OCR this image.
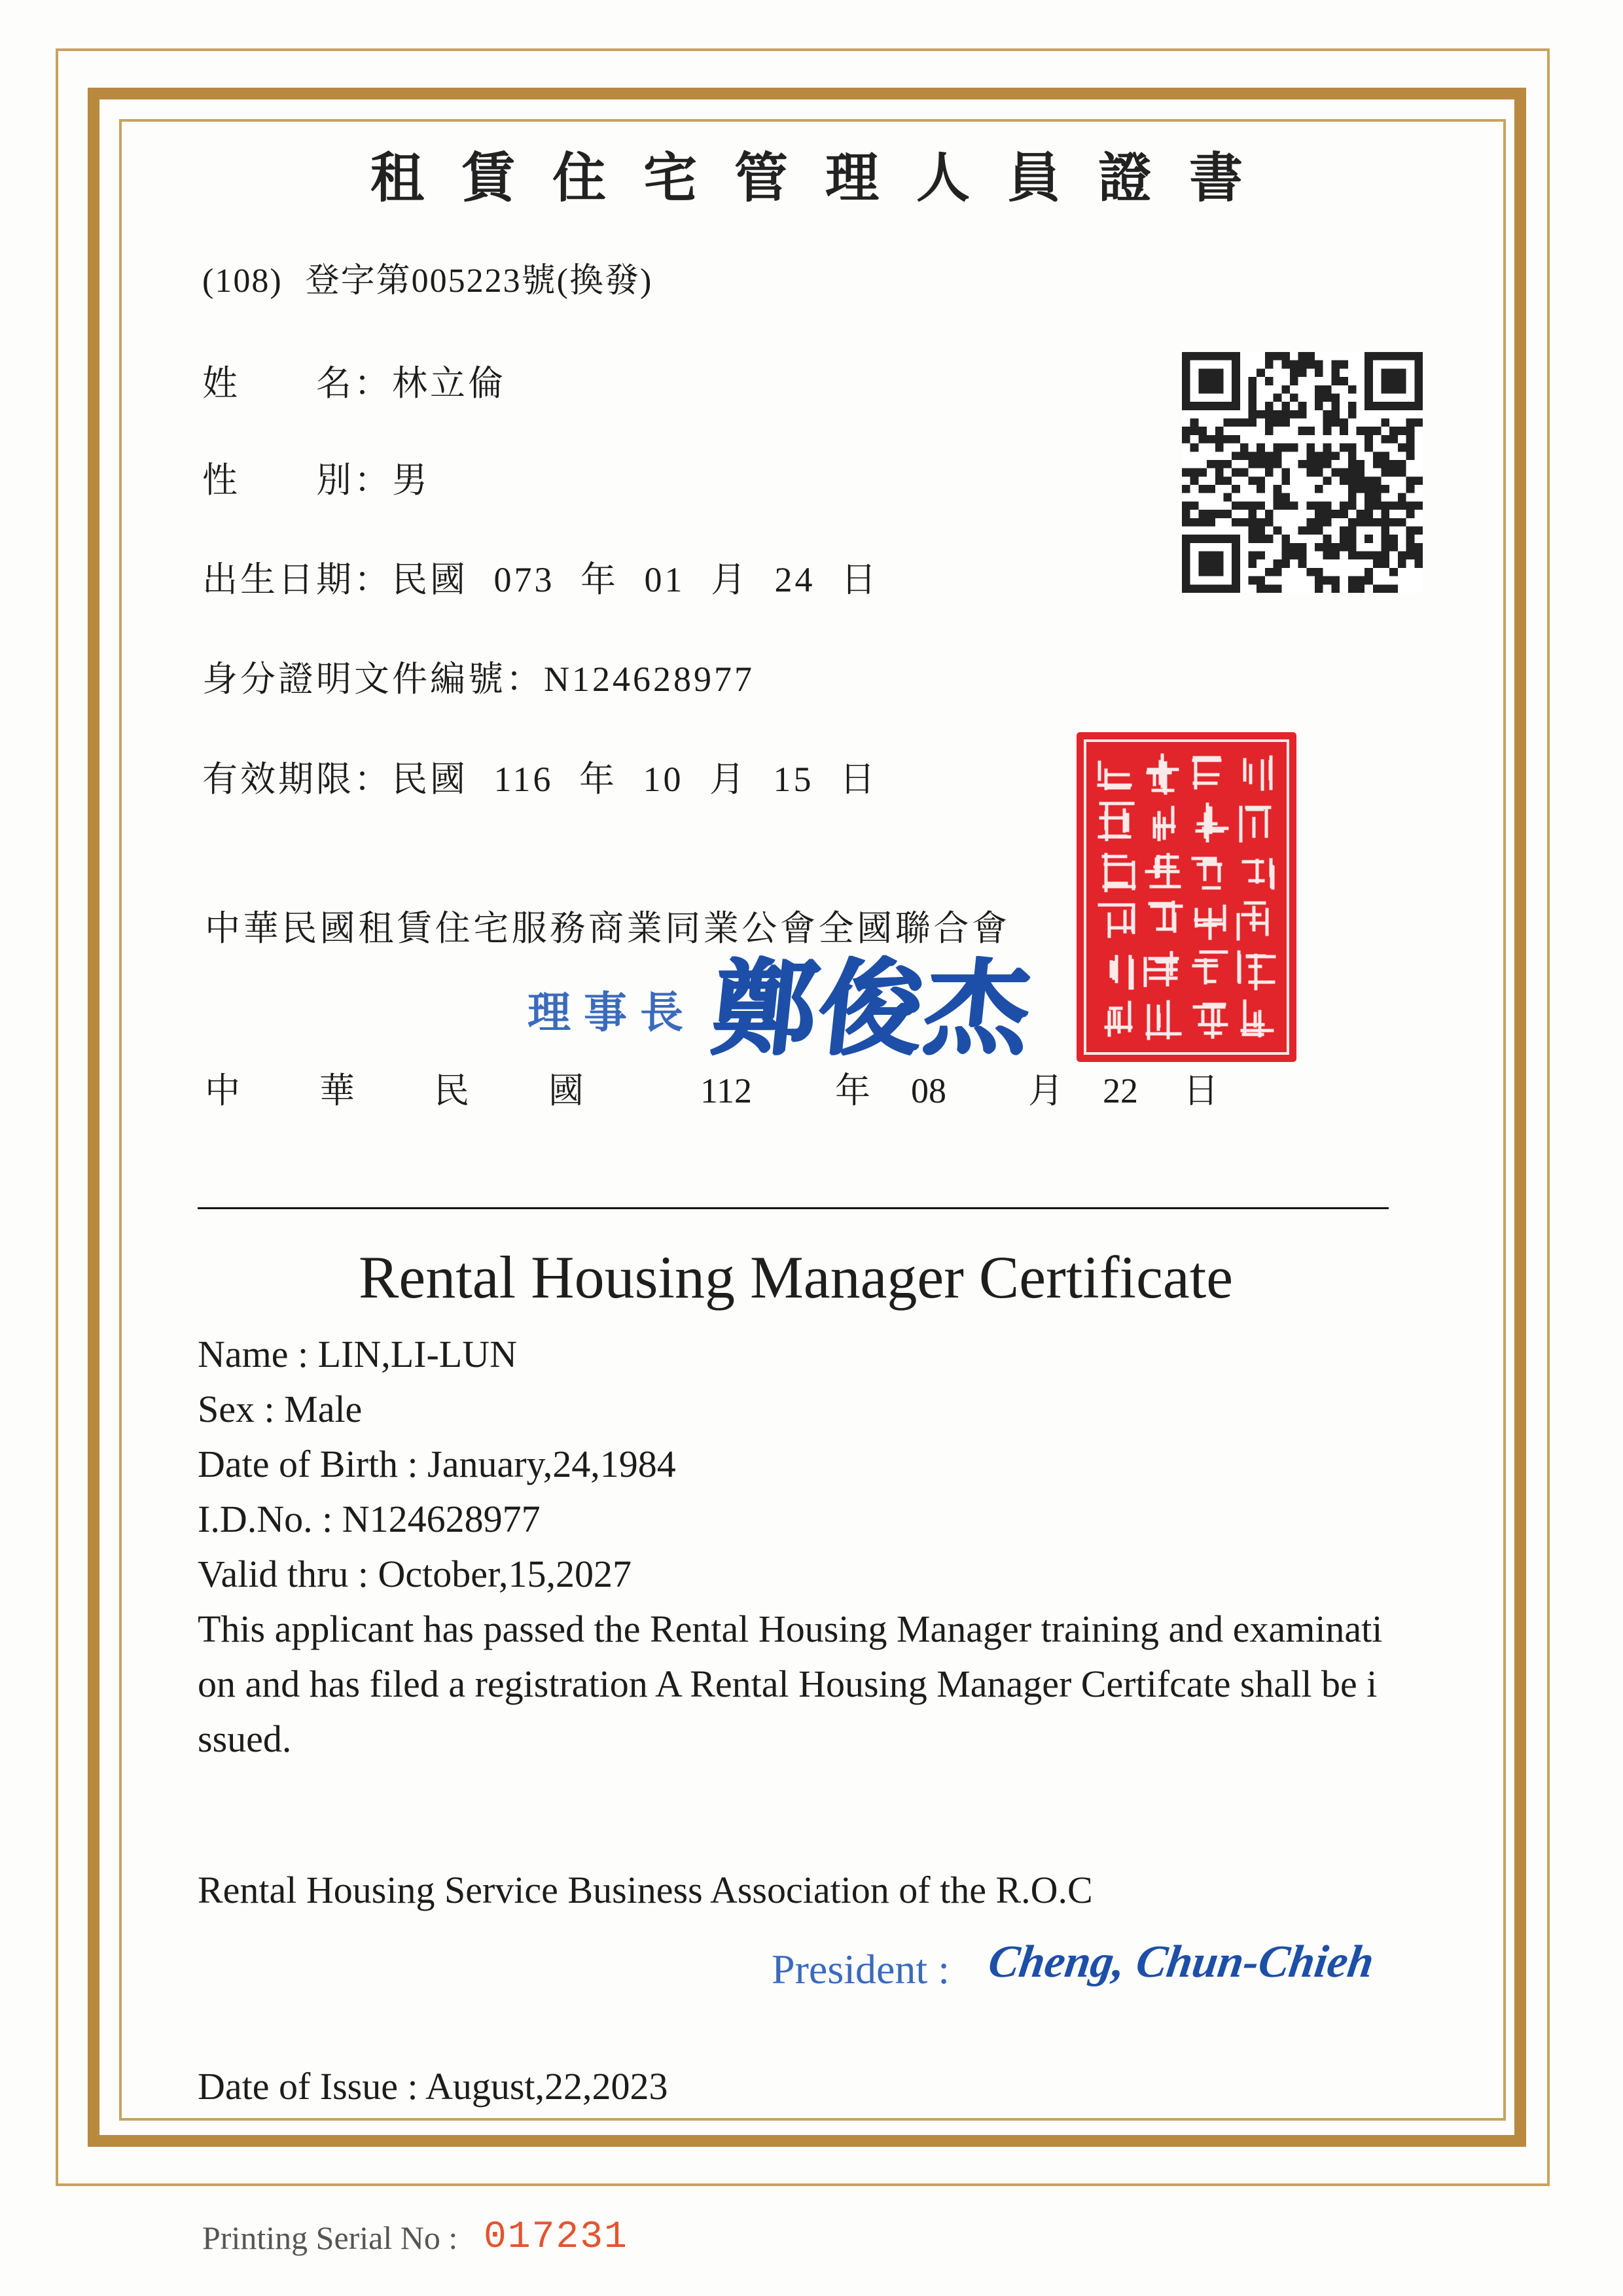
租賃住宅管理人員證書
(108) 登字第005223號(換發)
姓　　名：林立倫
性　　別：男
出生日期：民國 073 年 01 月 24 日
身分證明文件編號：N124628977
有效期限：民國 116 年 10 月 15 日
中華民國租賃住宅服務商業同業公會全國聯合會
理事長 鄭俊杰
中華民國 112 年 08 月 22 日
Rental Housing Manager Certificate
Name : LIN,LI-LUN
Sex : Male
Date of Birth : January,24,1984
I.D.No. : N124628977
Valid thru : October,15,2027
This applicant has passed the Rental Housing Manager training and examinati
on and has filed a registration A Rental Housing Manager Certifcate shall be i
ssued.
Rental Housing Service Business Association of the R.O.C
President : Cheng, Chun-Chieh
Date of Issue : August,22,2023
Printing Serial No : 017231
